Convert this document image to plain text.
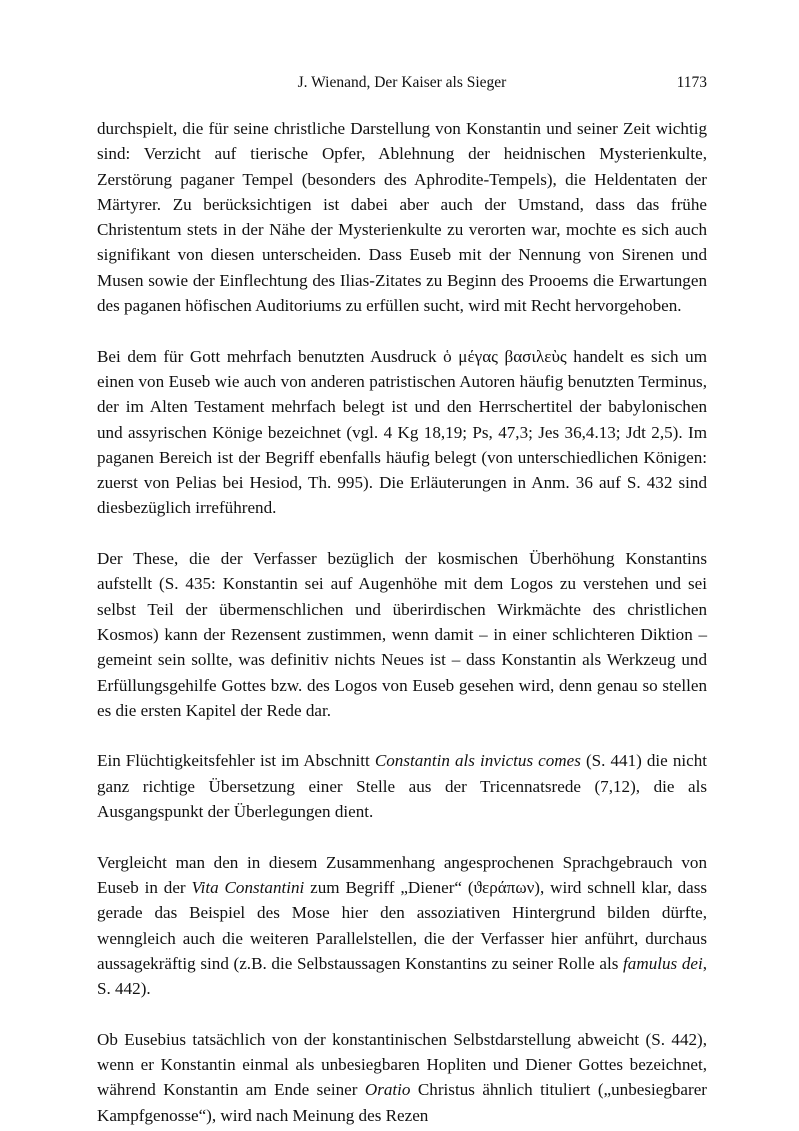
J. Wienand, Der Kaiser als Sieger	1173

durchspielt, die für seine christliche Darstellung von Konstantin und seiner Zeit wichtig sind: Verzicht auf tierische Opfer, Ablehnung der heidnischen Mysterienkulte, Zerstörung paganer Tempel (besonders des Aphrodite-Tempels), die Heldentaten der Märtyrer. Zu berücksichtigen ist dabei aber auch der Umstand, dass das frühe Christentum stets in der Nähe der Mysterienkulte zu verorten war, mochte es sich auch signifikant von diesen unterscheiden. Dass Euseb mit der Nennung von Sirenen und Musen sowie der Einflechtung des Ilias-Zitates zu Beginn des Prooems die Erwartungen des paganen höfischen Auditoriums zu erfüllen sucht, wird mit Recht hervorgehoben.

Bei dem für Gott mehrfach benutzten Ausdruck ὁ μέγας βασιλεὺς handelt es sich um einen von Euseb wie auch von anderen patristischen Autoren häufig benutzten Terminus, der im Alten Testament mehrfach belegt ist und den Herrschertitel der babylonischen und assyrischen Könige bezeichnet (vgl. 4 Kg 18,19; Ps, 47,3; Jes 36,4.13; Jdt 2,5). Im paganen Bereich ist der Begriff ebenfalls häufig belegt (von unterschiedlichen Königen: zuerst von Pelias bei Hesiod, Th. 995). Die Erläuterungen in Anm. 36 auf S. 432 sind diesbezüglich irreführend.

Der These, die der Verfasser bezüglich der kosmischen Überhöhung Konstantins aufstellt (S. 435: Konstantin sei auf Augenhöhe mit dem Logos zu verstehen und sei selbst Teil der übermenschlichen und überirdischen Wirkmächte des christlichen Kosmos) kann der Rezensent zustimmen, wenn damit – in einer schlichteren Diktion – gemeint sein sollte, was definitiv nichts Neues ist – dass Konstantin als Werkzeug und Erfüllungsgehilfe Gottes bzw. des Logos von Euseb gesehen wird, denn genau so stellen es die ersten Kapitel der Rede dar.

Ein Flüchtigkeitsfehler ist im Abschnitt Constantin als invictus comes (S. 441) die nicht ganz richtige Übersetzung einer Stelle aus der Tricennatsrede (7,12), die als Ausgangspunkt der Überlegungen dient.

Vergleicht man den in diesem Zusammenhang angesprochenen Sprachgebrauch von Euseb in der Vita Constantini zum Begriff „Diener“ (ϑεράπων), wird schnell klar, dass gerade das Beispiel des Mose hier den assoziativen Hintergrund bilden dürfte, wenngleich auch die weiteren Parallelstellen, die der Verfasser hier anführt, durchaus aussagekräftig sind (z.B. die Selbstaussagen Konstantins zu seiner Rolle als famulus dei, S. 442).

Ob Eusebius tatsächlich von der konstantinischen Selbstdarstellung abweicht (S. 442), wenn er Konstantin einmal als unbesiegbaren Hopliten und Diener Gottes bezeichnet, während Konstantin am Ende seiner Oratio Christus ähnlich tituliert („unbesiegbarer Kampfgenosse“), wird nach Meinung des Rezen
